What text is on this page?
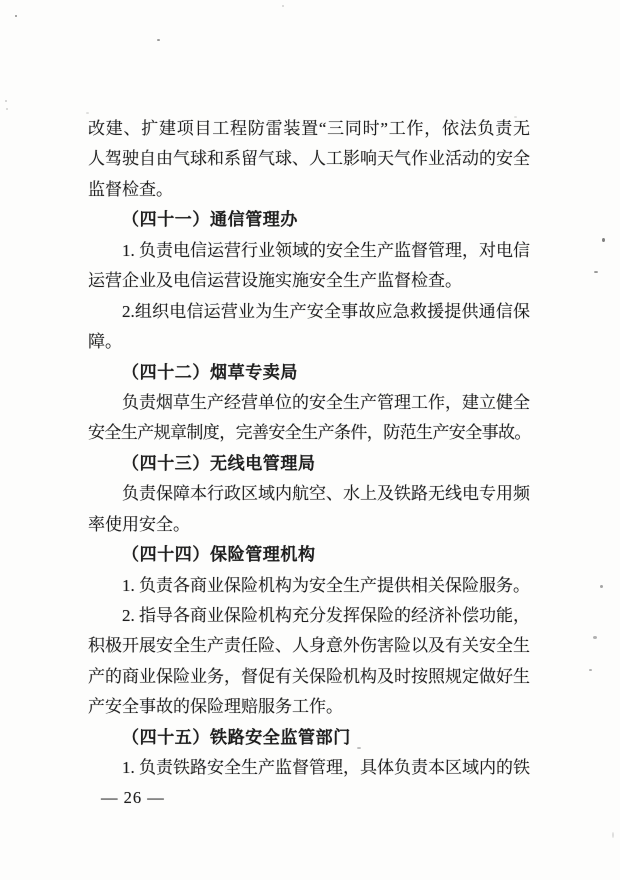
改建、扩建项目工程防雷装置“三同时”工作，依法负责无
人驾驶自由气球和系留气球、人工影响天气作业活动的安全
监督检查。
（四十一）通信管理办
1. 负责电信运营行业领域的安全生产监督管理，对电信
运营企业及电信运营设施实施安全生产监督检查。
2.组织电信运营业为生产安全事故应急救援提供通信保
障。
（四十二）烟草专卖局
负责烟草生产经营单位的安全生产管理工作，建立健全
安全生产规章制度，完善安全生产条件，防范生产安全事故。
（四十三）无线电管理局
负责保障本行政区域内航空、水上及铁路无线电专用频
率使用安全。
（四十四）保险管理机构
1. 负责各商业保险机构为安全生产提供相关保险服务。
2. 指导各商业保险机构充分发挥保险的经济补偿功能，
积极开展安全生产责任险、人身意外伤害险以及有关安全生
产的商业保险业务，督促有关保险机构及时按照规定做好生
产安全事故的保险理赔服务工作。
（四十五）铁路安全监管部门
1. 负责铁路安全生产监督管理，具体负责本区域内的铁
— 26 —
